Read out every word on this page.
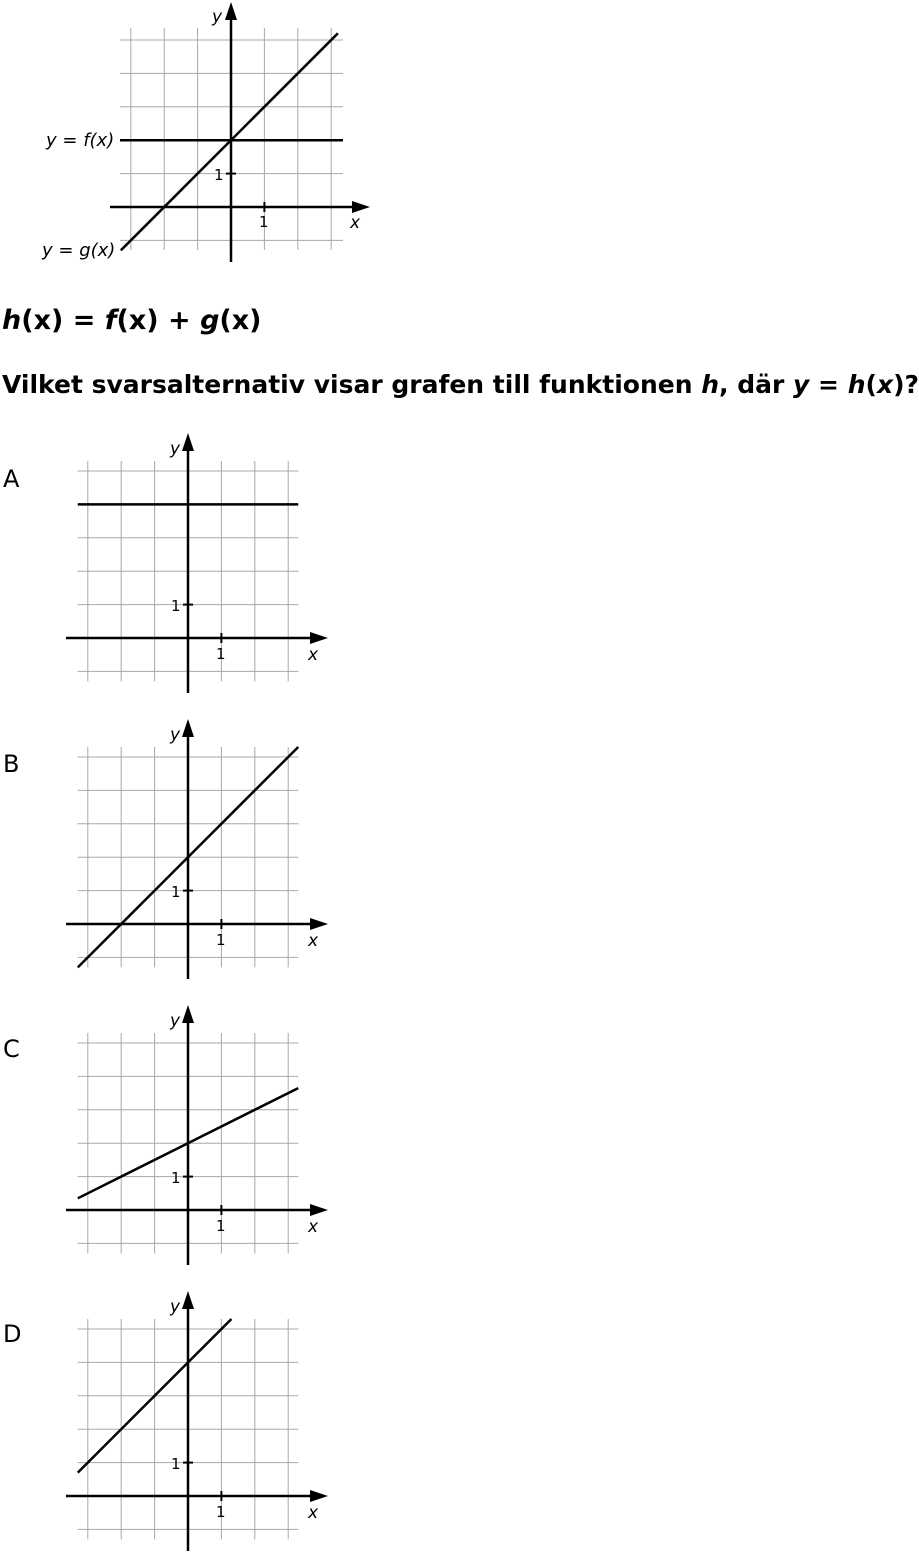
x
y
1
1
y = f(x)
y = g(x)
h(x) = f(x) + g(x)
Vilket svarsalternativ visar grafen till funktionen h, där y = h(x)?
A
x
y
1
1
B
x
y
1
1
C
x
y
1
1
D
x
y
1
1
